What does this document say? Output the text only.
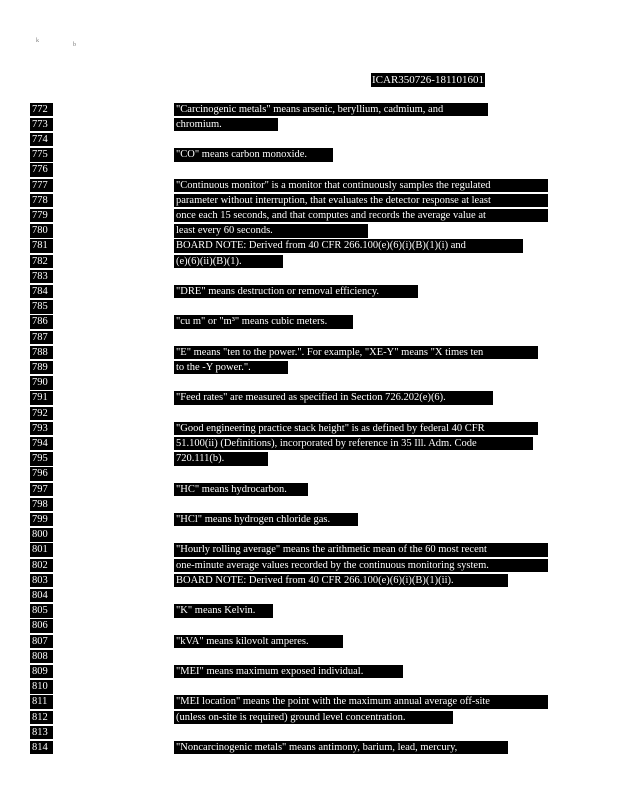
k
b
ICAR350726-181101601
772
773
774
775
776
777
778
779
780
781
782
783
784
785
786
787
788
789
790
791
792
793
794
795
796
797
798
799
800
801
802
803
804
805
806
807
808
809
810
811
812
813
814
"Carcinogenic metals" means arsenic, beryllium, cadmium, and
chromium.
"CO" means carbon monoxide.
"Continuous monitor" is a monitor that continuously samples the regulated
parameter without interruption, that evaluates the detector response at least
once each 15 seconds, and that computes and records the average value at
least every 60 seconds.
BOARD NOTE: Derived from 40 CFR 266.100(e)(6)(i)(B)(1)(i) and
(e)(6)(ii)(B)(1).
"DRE" means destruction or removal efficiency.
"cu m" or "m³" means cubic meters.
"E" means "ten to the power.". For example, "XE-Y" means "X times ten
to the -Y power.".
"Feed rates" are measured as specified in Section 726.202(e)(6).
"Good engineering practice stack height" is as defined by federal 40 CFR
51.100(ii) (Definitions), incorporated by reference in 35 Ill. Adm. Code
720.111(b).
"HC" means hydrocarbon.
"HCl" means hydrogen chloride gas.
"Hourly rolling average" means the arithmetic mean of the 60 most recent
one-minute average values recorded by the continuous monitoring system.
BOARD NOTE: Derived from 40 CFR 266.100(e)(6)(i)(B)(1)(ii).
"K" means Kelvin.
"kVA" means kilovolt amperes.
"MEI" means maximum exposed individual.
"MEI location" means the point with the maximum annual average off-site
(unless on-site is required) ground level concentration.
"Noncarcinogenic metals" means antimony, barium, lead, mercury,
